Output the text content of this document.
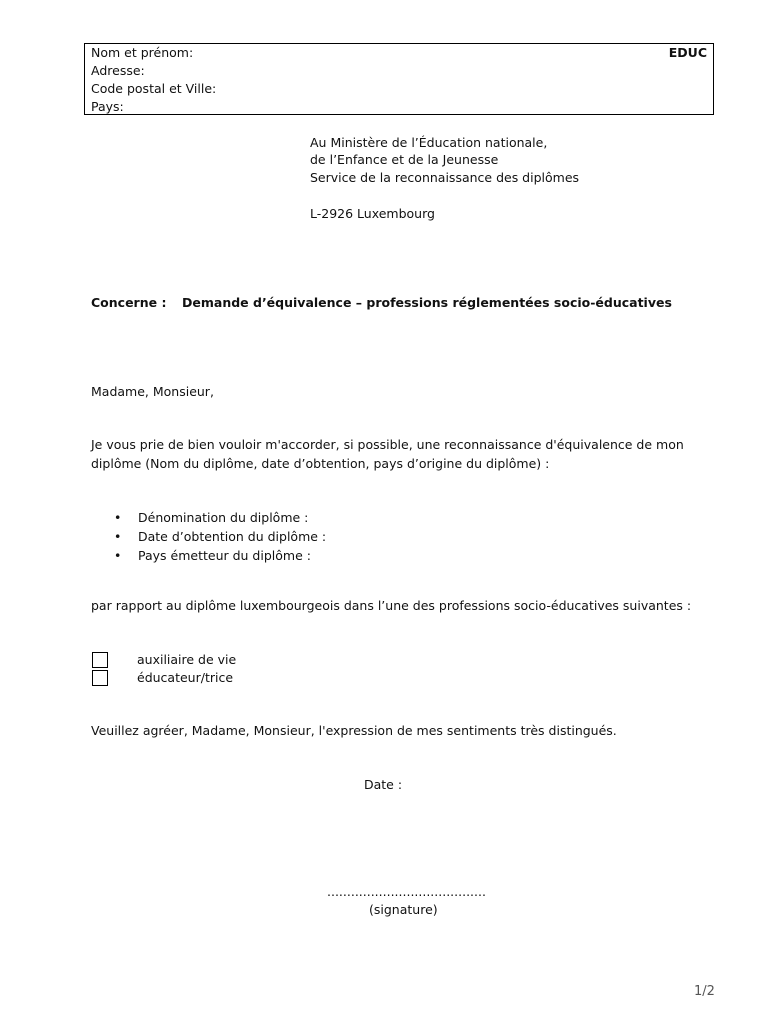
Nom et prénom:
Adresse:
Code postal et Ville:
Pays:
EDUC
Au Ministère de l’Éducation nationale,
de l’Enfance et de la Jeunesse
Service de la reconnaissance des diplômes
L-2926 Luxembourg
Concerne : Demande d’équivalence – professions réglementées socio-éducatives
Madame, Monsieur,
Je vous prie de bien vouloir m'accorder, si possible, une reconnaissance d'équivalence de mon
diplôme (Nom du diplôme, date d’obtention, pays d’origine du diplôme) :
• Dénomination du diplôme :
• Date d’obtention du diplôme :
• Pays émetteur du diplôme :
par rapport au diplôme luxembourgeois dans l’une des professions socio-éducatives suivantes :
auxiliaire de vie
éducateur/trice
Veuillez agréer, Madame, Monsieur, l'expression de mes sentiments très distingués.
Date :
........................................
(signature)
1/2
